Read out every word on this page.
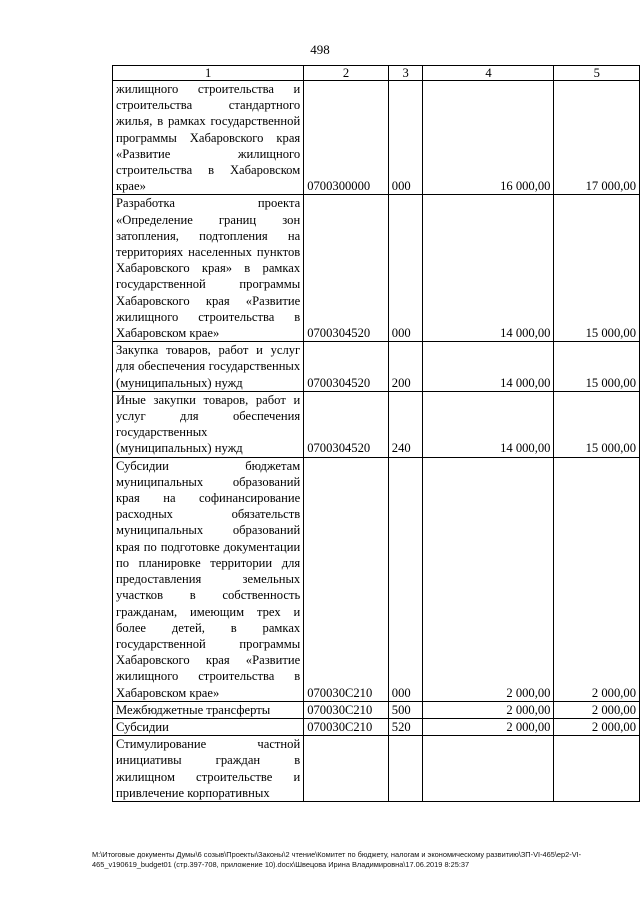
498
1	2	3	4	5
жилищного строительства и строительства стандартного жилья, в рамках государственной программы Хабаровского края «Развитие жилищного строительства в Хабаровском крае»	0700300000	000	16 000,00	17 000,00
Разработка проекта «Определение границ зон затопления, подтопления на территориях населенных пунктов Хабаровского края» в рамках государственной программы Хабаровского края «Развитие жилищного строительства в Хабаровском крае»	0700304520	000	14 000,00	15 000,00
Закупка товаров, работ и услуг для обеспечения государственных (муниципальных) нужд	0700304520	200	14 000,00	15 000,00
Иные закупки товаров, работ и услуг для обеспечения государственных (муниципальных) нужд	0700304520	240	14 000,00	15 000,00
Субсидии бюджетам муниципальных образований края на софинансирование расходных обязательств муниципальных образований края по подготовке документации по планировке территории для предоставления земельных участков в собственность гражданам, имеющим трех и более детей, в рамках государственной программы Хабаровского края «Развитие жилищного строительства в Хабаровском крае»	070030С210	000	2 000,00	2 000,00
Межбюджетные трансферты	070030С210	500	2 000,00	2 000,00
Субсидии	070030С210	520	2 000,00	2 000,00
Стимулирование частной инициативы граждан в жилищном строительстве и привлечение корпоративных				
М:\Итоговые документы Думы\6 созыв\Проекты\Законы\2 чтение\Комитет по бюджету, налогам и экономическому развитию\ЗП-VI-465\ер2-VI-465_v190619_budget01 (стр.397-708, приложение 10).docx\Швецова Ирина Владимировна\17.06.2019 8:25:37
